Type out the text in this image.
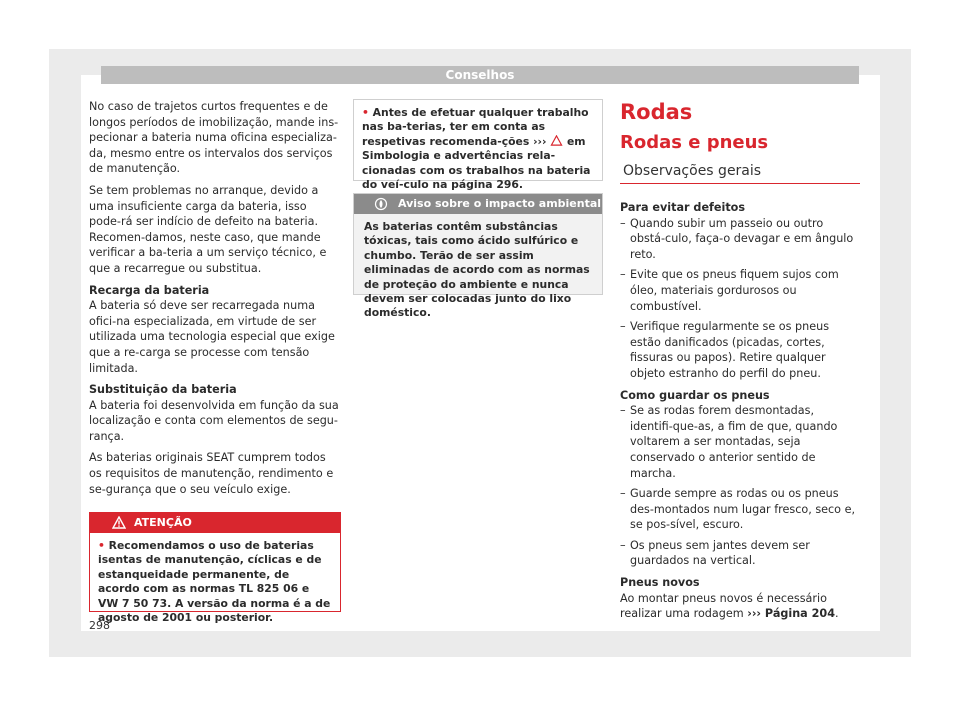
Conselhos

No caso de trajetos curtos frequentes e de longos períodos de imobilização, mande ins-pecionar a bateria numa oficina especializa-da, mesmo entre os intervalos dos serviços de manutenção.

Se tem problemas no arranque, devido a uma insuficiente carga da bateria, isso pode-rá ser indício de defeito na bateria. Recomen-damos, neste caso, que mande verificar a ba-teria a um serviço técnico, e que a recarregue ou substitua.

Recarga da bateria

A bateria só deve ser recarregada numa ofici-na especializada, em virtude de ser utilizada uma tecnologia especial que exige que a re-carga se processe com tensão limitada.

Substituição da bateria

A bateria foi desenvolvida em função da sua localização e conta com elementos de segu-rança.

As baterias originais SEAT cumprem todos os requisitos de manutenção, rendimento e se-gurança que o seu veículo exige.

ATENÇÃO
• Recomendamos o uso de baterias isentas de manutenção, cíclicas e de estanqueidade permanente, de acordo com as normas TL 825 06 e VW 7 50 73. A versão da norma é a de agosto de 2001 ou posterior.
• Antes de efetuar qualquer trabalho nas ba-terias, ter em conta as respetivas recomenda-ções ››› em Simbologia e advertências rela-cionadas com os trabalhos na bateria do veí-culo na página 296.
Aviso sobre o impacto ambiental
As baterias contêm substâncias tóxicas, tais como ácido sulfúrico e chumbo. Terão de ser assim eliminadas de acordo com as normas de proteção do ambiente e nunca devem ser colocadas junto do lixo doméstico.
Rodas
Rodas e pneus
Observações gerais

Para evitar defeitos

– Quando subir um passeio ou outro obstá-culo, faça-o devagar e em ângulo reto.
– Evite que os pneus fiquem sujos com óleo, materiais gordurosos ou combustível.
– Verifique regularmente se os pneus estão danificados (picadas, cortes, fissuras ou papos). Retire qualquer objeto estranho do perfil do pneu.

Como guardar os pneus

– Se as rodas forem desmontadas, identifi-que-as, a fim de que, quando voltarem a ser montadas, seja conservado o anterior sentido de marcha.
– Guarde sempre as rodas ou os pneus des-montados num lugar fresco, seco e, se pos-sível, escuro.
– Os pneus sem jantes devem ser guardados na vertical.

Pneus novos

Ao montar pneus novos é necessário realizar uma rodagem ››› Página 204.

298
